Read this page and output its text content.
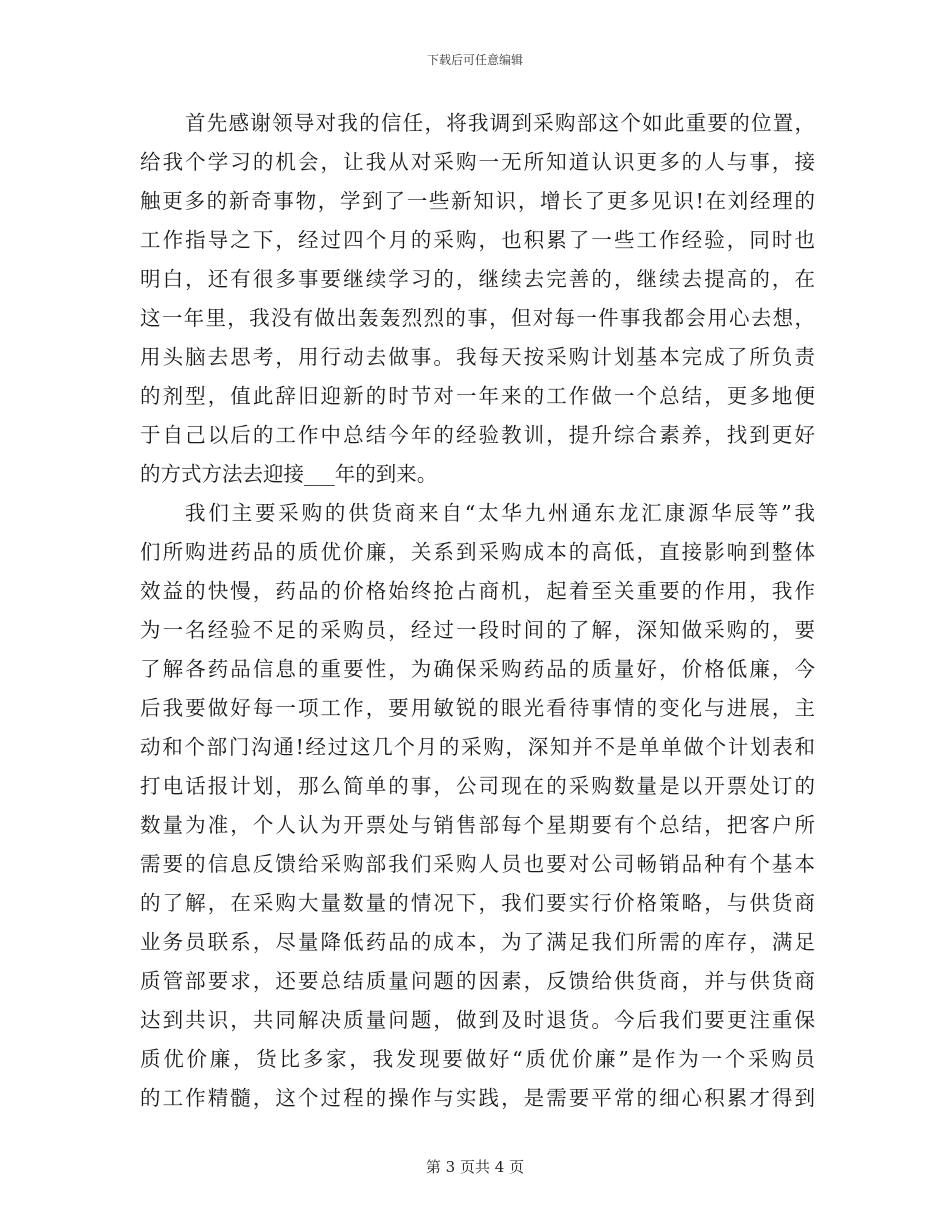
下载后可任意编辑
首先感谢领导对我的信任，将我调到采购部这个如此重要的位置，
给我个学习的机会，让我从对采购一无所知道认识更多的人与事，接
触更多的新奇事物，学到了一些新知识，增长了更多见识!在刘经理的
工作指导之下，经过四个月的采购，也积累了一些工作经验，同时也
明白，还有很多事要继续学习的，继续去完善的，继续去提高的，在
这一年里，我没有做出轰轰烈烈的事，但对每一件事我都会用心去想，
用头脑去思考，用行动去做事。我每天按采购计划基本完成了所负责
的剂型，值此辞旧迎新的时节对一年来的工作做一个总结，更多地便
于自己以后的工作中总结今年的经验教训，提升综合素养，找到更好
的方式方法去迎接___年的到来。
我们主要采购的供货商来自“太华九州通东龙汇康源华辰等”我
们所购进药品的质优价廉，关系到采购成本的高低，直接影响到整体
效益的快慢，药品的价格始终抢占商机，起着至关重要的作用，我作
为一名经验不足的采购员，经过一段时间的了解，深知做采购的，要
了解各药品信息的重要性，为确保采购药品的质量好，价格低廉，今
后我要做好每一项工作，要用敏锐的眼光看待事情的变化与进展，主
动和个部门沟通!经过这几个月的采购，深知并不是单单做个计划表和
打电话报计划，那么简单的事，公司现在的采购数量是以开票处订的
数量为准，个人认为开票处与销售部每个星期要有个总结，把客户所
需要的信息反馈给采购部我们采购人员也要对公司畅销品种有个基本
的了解，在采购大量数量的情况下，我们要实行价格策略，与供货商
业务员联系，尽量降低药品的成本，为了满足我们所需的库存，满足
质管部要求，还要总结质量问题的因素，反馈给供货商，并与供货商
达到共识，共同解决质量问题，做到及时退货。今后我们要更注重保
质优价廉，货比多家，我发现要做好“质优价廉”是作为一个采购员
的工作精髓，这个过程的操作与实践，是需要平常的细心积累才得到
第 3 页共 4 页
